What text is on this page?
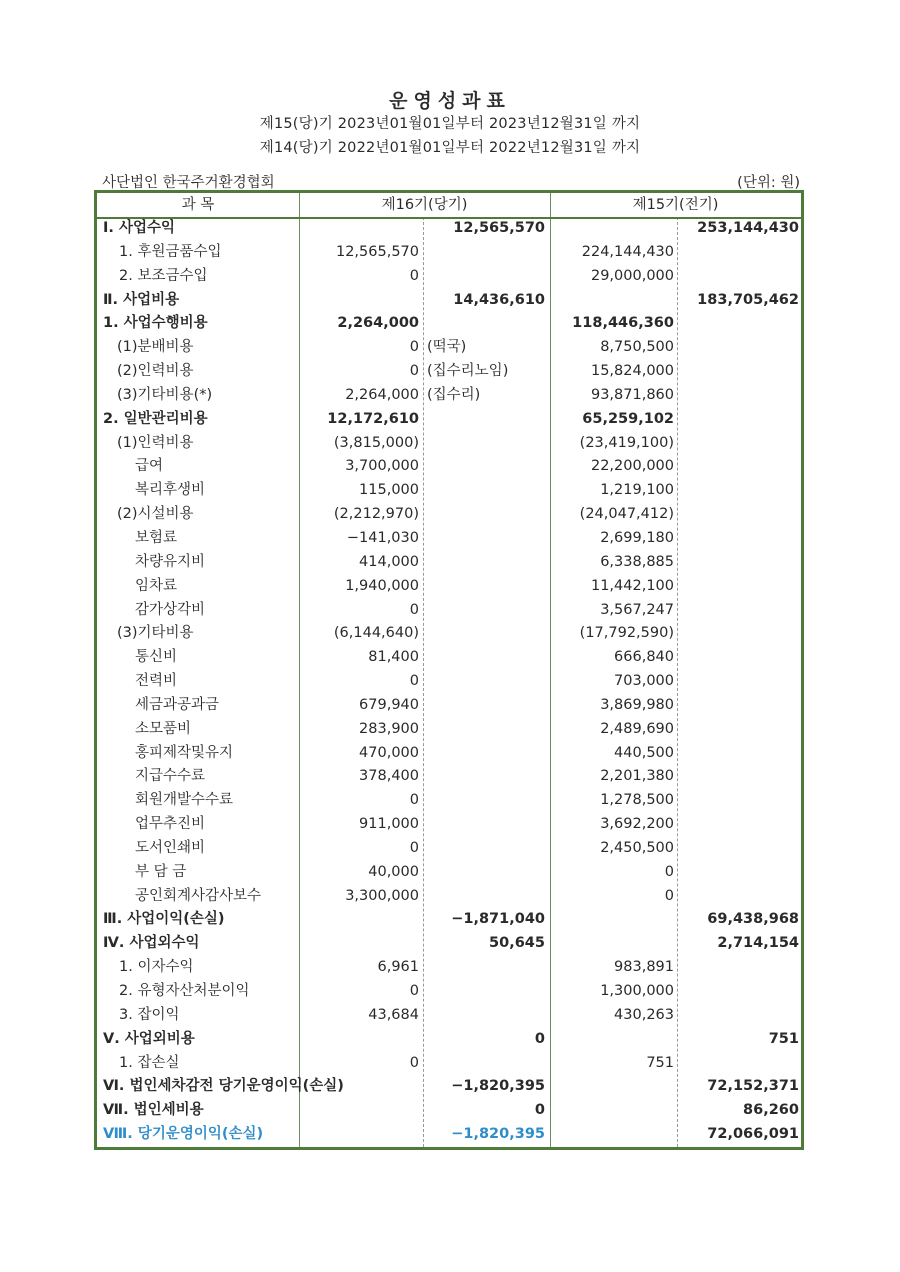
운영성과표
제15(당)기 2023년01월01일부터 2023년12월31일 까지
제14(당)기 2022년01월01일부터 2022년12월31일 까지
사단법인 한국주거환경협회	(단위: 원)
과 목	제16기(당기)	제15기(전기)
Ⅰ. 사업수익	12,565,570	253,144,430
1. 후원금품수입	12,565,570	224,144,430
2. 보조금수입	0	29,000,000
Ⅱ. 사업비용	14,436,610	183,705,462
1. 사업수행비용	2,264,000	118,446,360
(1)분배비용	0 (떡국)	8,750,500
(2)인력비용	0 (집수리노임)	15,824,000
(3)기타비용(*)	2,264,000 (집수리)	93,871,860
2. 일반관리비용	12,172,610	65,259,102
(1)인력비용	(3,815,000)	(23,419,100)
급여	3,700,000	22,200,000
복리후생비	115,000	1,219,100
(2)시설비용	(2,212,970)	(24,047,412)
보험료	−141,030	2,699,180
차량유지비	414,000	6,338,885
임차료	1,940,000	11,442,100
감가상각비	0	3,567,247
(3)기타비용	(6,144,640)	(17,792,590)
통신비	81,400	666,840
전력비	0	703,000
세금과공과금	679,940	3,869,980
소모품비	283,900	2,489,690
홍피제작및유지	470,000	440,500
지급수수료	378,400	2,201,380
회원개발수수료	0	1,278,500
업무추진비	911,000	3,692,200
도서인쇄비	0	2,450,500
부 담 금	40,000	0
공인회계사감사보수	3,300,000	0
Ⅲ. 사업이익(손실)	−1,871,040	69,438,968
Ⅳ. 사업외수익	50,645	2,714,154
1. 이자수익	6,961	983,891
2. 유형자산처분이익	0	1,300,000
3. 잡이익	43,684	430,263
Ⅴ. 사업외비용	0	751
1. 잡손실	0	751
Ⅵ. 법인세차감전 당기운영이익(손실)	−1,820,395	72,152,371
Ⅶ. 법인세비용	0	86,260
Ⅷ. 당기운영이익(손실)	−1,820,395	72,066,091
